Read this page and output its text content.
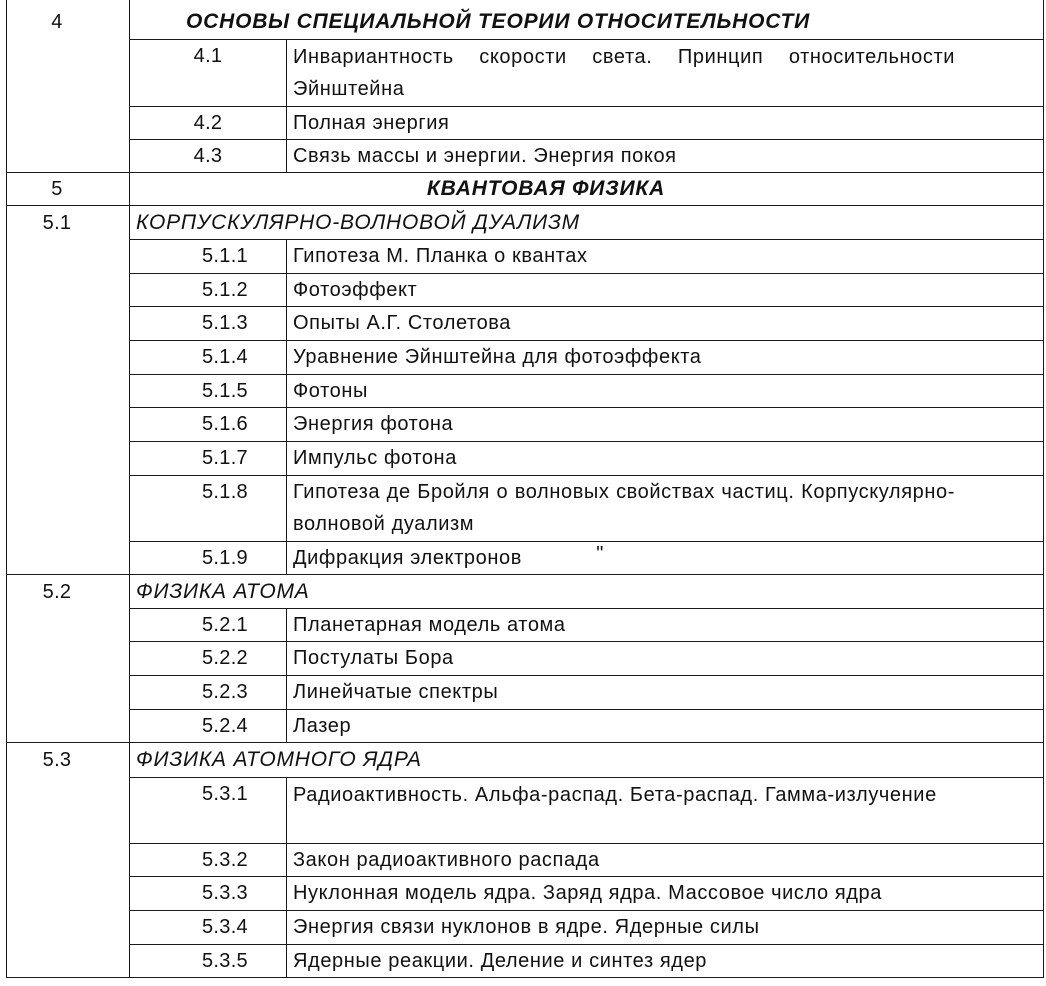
4	ОСНОВЫ СПЕЦИАЛЬНОЙ ТЕОРИИ ОТНОСИТЕЛЬНОСТИ
4.1	Инвариантность скорости света. Принцип относительности Эйнштейна
4.2	Полная энергия
4.3	Связь массы и энергии. Энергия покоя
5	КВАНТОВАЯ ФИЗИКА
5.1	КОРПУСКУЛЯРНО-ВОЛНОВОЙ ДУАЛИЗМ
5.1.1	Гипотеза М. Планка о квантах
5.1.2	Фотоэффект
5.1.3	Опыты А.Г. Столетова
5.1.4	Уравнение Эйнштейна для фотоэффекта
5.1.5	Фотоны
5.1.6	Энергия фотона
5.1.7	Импульс фотона
5.1.8	Гипотеза де Бройля о волновых свойствах частиц. Корпускулярно-волновой дуализм
5.1.9	Дифракция электронов	"
5.2	ФИЗИКА АТОМА
5.2.1	Планетарная модель атома
5.2.2	Постулаты Бора
5.2.3	Линейчатые спектры
5.2.4	Лазер
5.3	ФИЗИКА АТОМНОГО ЯДРА
5.3.1	Радиоактивность. Альфа-распад. Бета-распад. Гамма-излучение
5.3.2	Закон радиоактивного распада
5.3.3	Нуклонная модель ядра. Заряд ядра. Массовое число ядра
5.3.4	Энергия связи нуклонов в ядре. Ядерные силы
5.3.5	Ядерные реакции. Деление и синтез ядер
